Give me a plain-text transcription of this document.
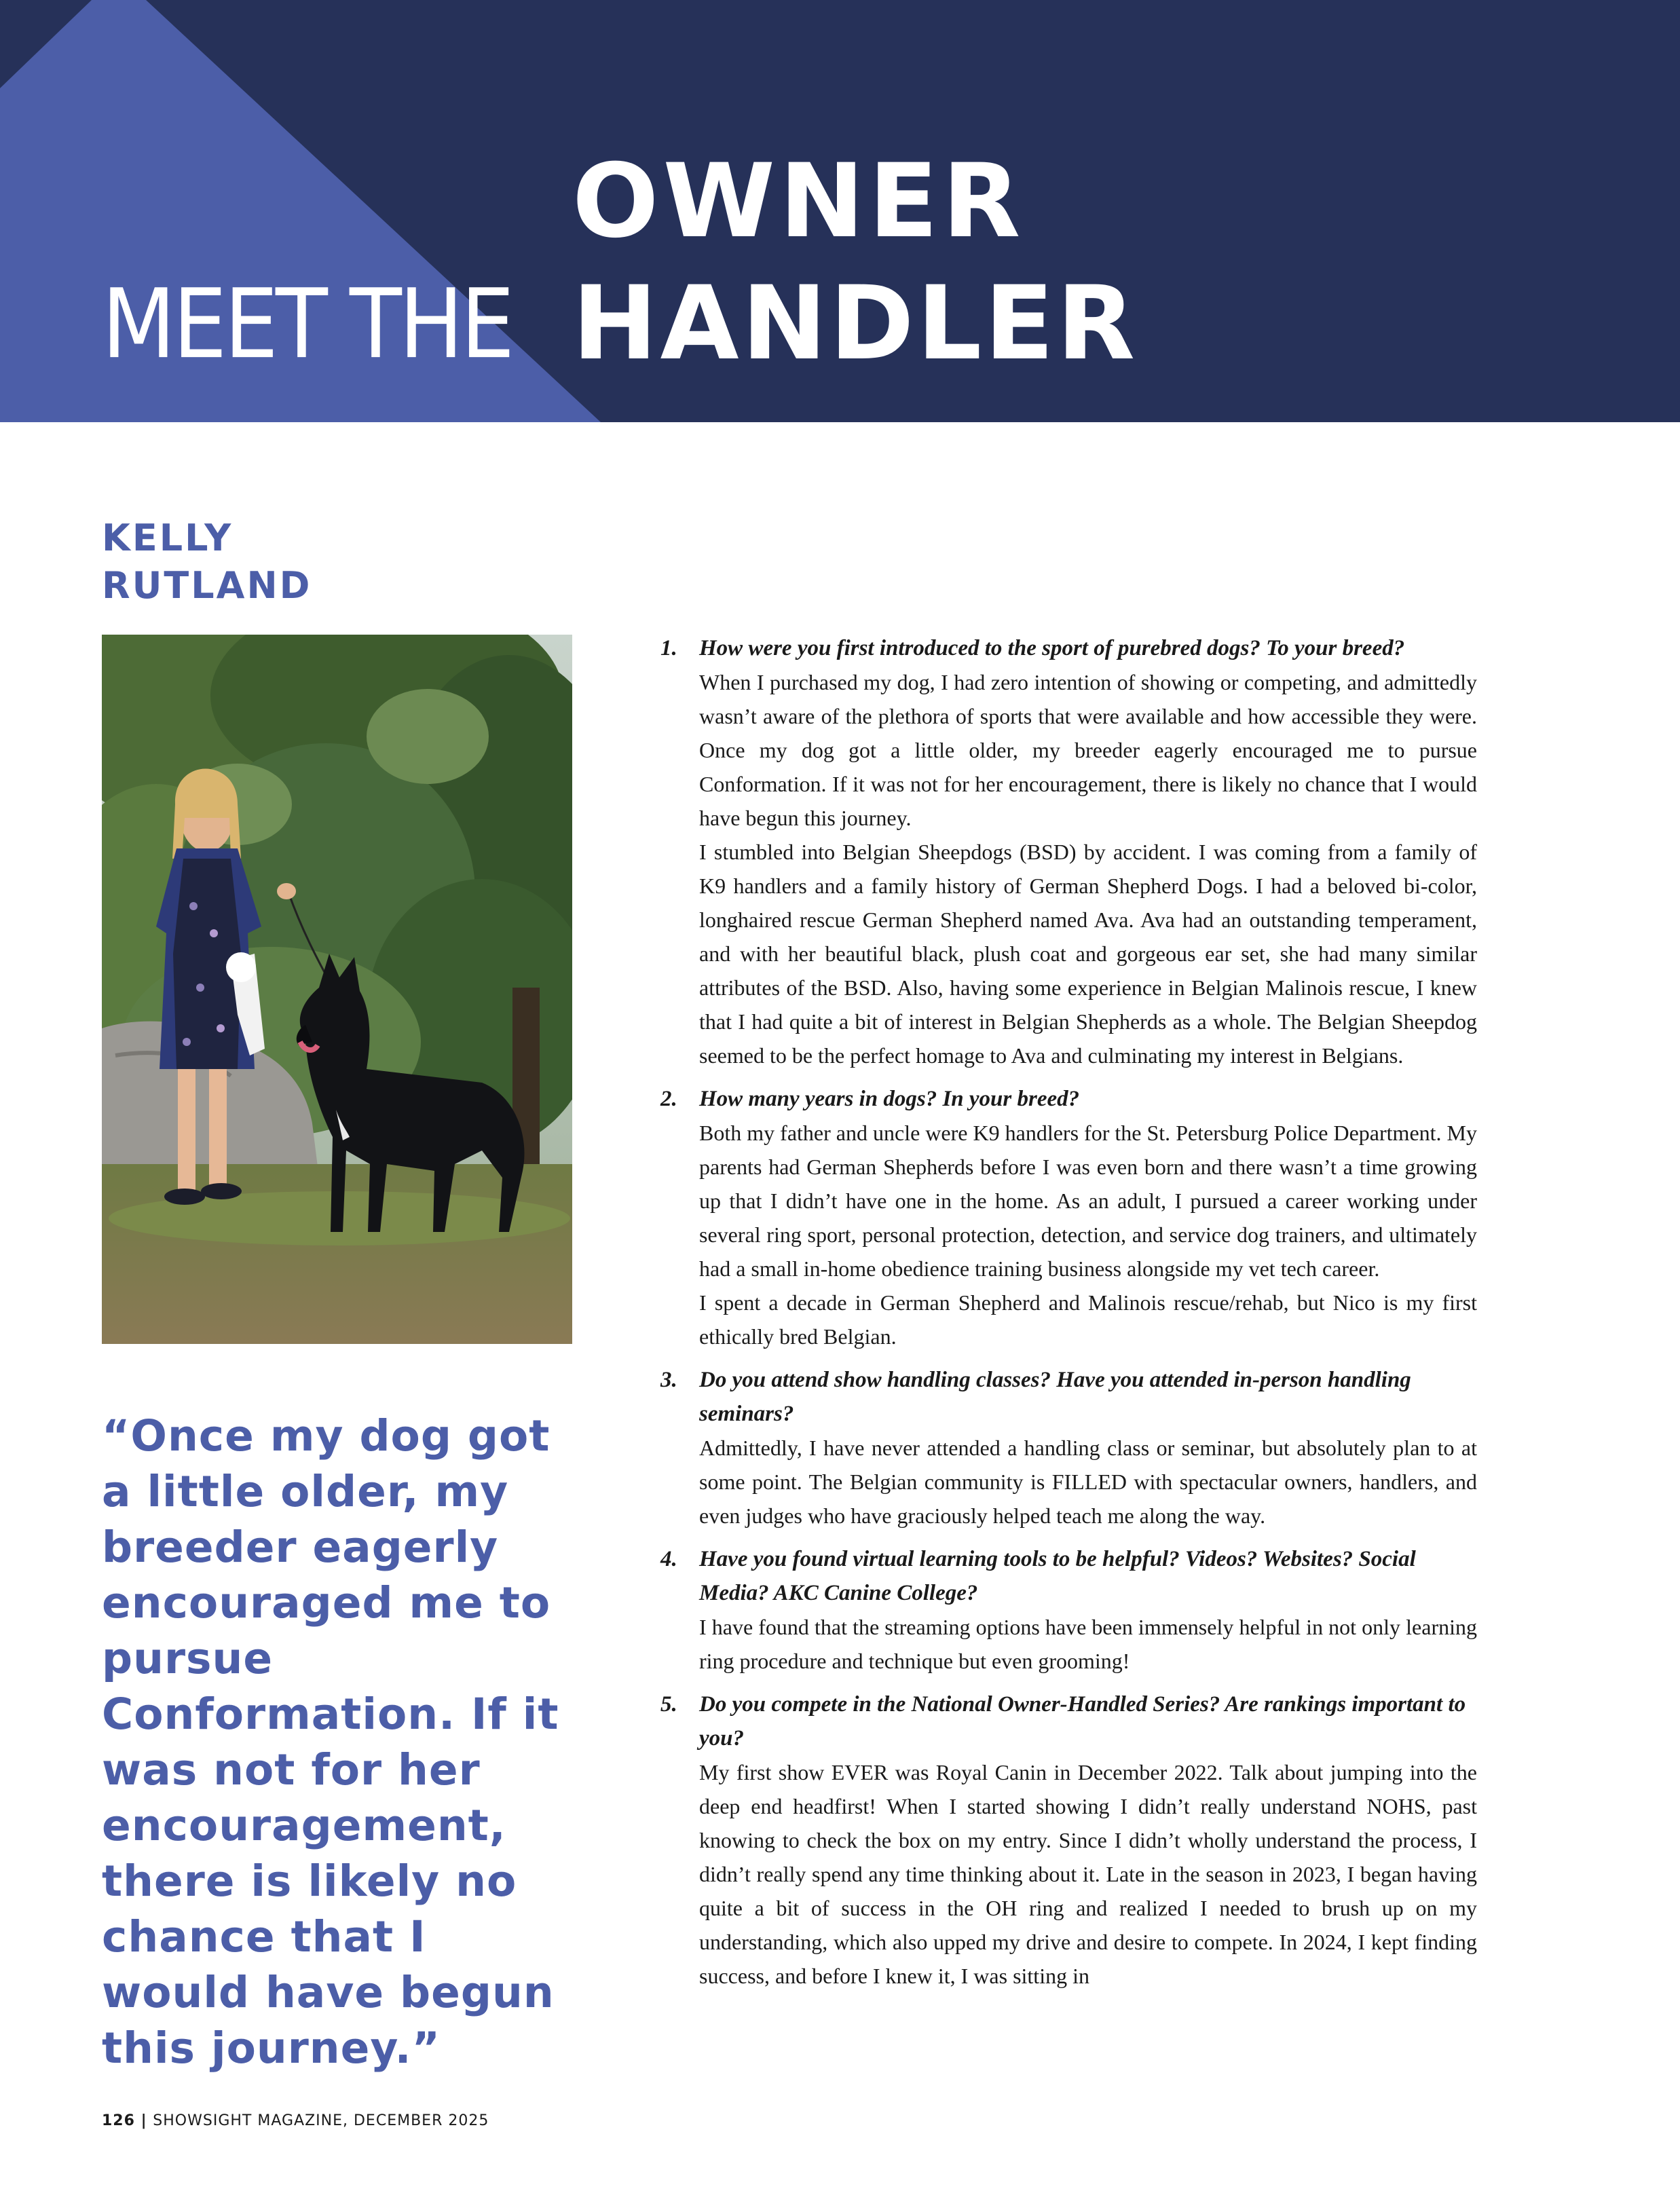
OWNER
MEET THE HANDLER
KELLY
RUTLAND

“Once my dog got a little older, my breeder eagerly encouraged me to pursue Conformation. If it was not for her encouragement, there is likely no chance that I would have begun this journey.”

1. How were you first introduced to the sport of purebred dogs? To your breed?

When I purchased my dog, I had zero intention of showing or competing, and admittedly wasn’t aware of the plethora of sports that were available and how accessible they were. Once my dog got a little older, my breeder eagerly encouraged me to pursue Conformation. If it was not for her encouragement, there is likely no chance that I would have begun this journey.

I stumbled into Belgian Sheepdogs (BSD) by accident. I was coming from a family of K9 handlers and a family history of German Shepherd Dogs. I had a beloved bi-color, longhaired rescue German Shepherd named Ava. Ava had an outstanding temperament, and with her beautiful black, plush coat and gorgeous ear set, she had many similar attributes of the BSD. Also, having some experience in Belgian Malinois rescue, I knew that I had quite a bit of interest in Belgian Shepherds as a whole. The Belgian Sheepdog seemed to be the perfect homage to Ava and culminating my interest in Belgians.

2. How many years in dogs? In your breed?

Both my father and uncle were K9 handlers for the St. Petersburg Police Department. My parents had German Shepherds before I was even born and there wasn’t a time growing up that I didn’t have one in the home. As an adult, I pursued a career working under several ring sport, personal protection, detection, and service dog trainers, and ultimately had a small in-home obedience training business alongside my vet tech career.

I spent a decade in German Shepherd and Malinois rescue/rehab, but Nico is my first ethically bred Belgian.

3. Do you attend show handling classes? Have you attended in-person handling seminars?

Admittedly, I have never attended a handling class or seminar, but absolutely plan to at some point. The Belgian community is FILLED with spectacular owners, handlers, and even judges who have graciously helped teach me along the way.

4. Have you found virtual learning tools to be helpful? Videos? Websites? Social Media? AKC Canine College?

I have found that the streaming options have been immensely helpful in not only learning ring procedure and technique but even grooming!

5. Do you compete in the National Owner-Handled Series? Are rankings important to you?

My first show EVER was Royal Canin in December 2022. Talk about jumping into the deep end headfirst! When I started showing I didn’t really understand NOHS, past knowing to check the box on my entry. Since I didn’t wholly understand the process, I didn’t really spend any time thinking about it. Late in the season in 2023, I began having quite a bit of success in the OH ring and realized I needed to brush up on my understanding, which also upped my drive and desire to compete. In 2024, I kept finding success, and before I knew it, I was sitting in

126 | SHOWSIGHT MAGAZINE, DECEMBER 2025
